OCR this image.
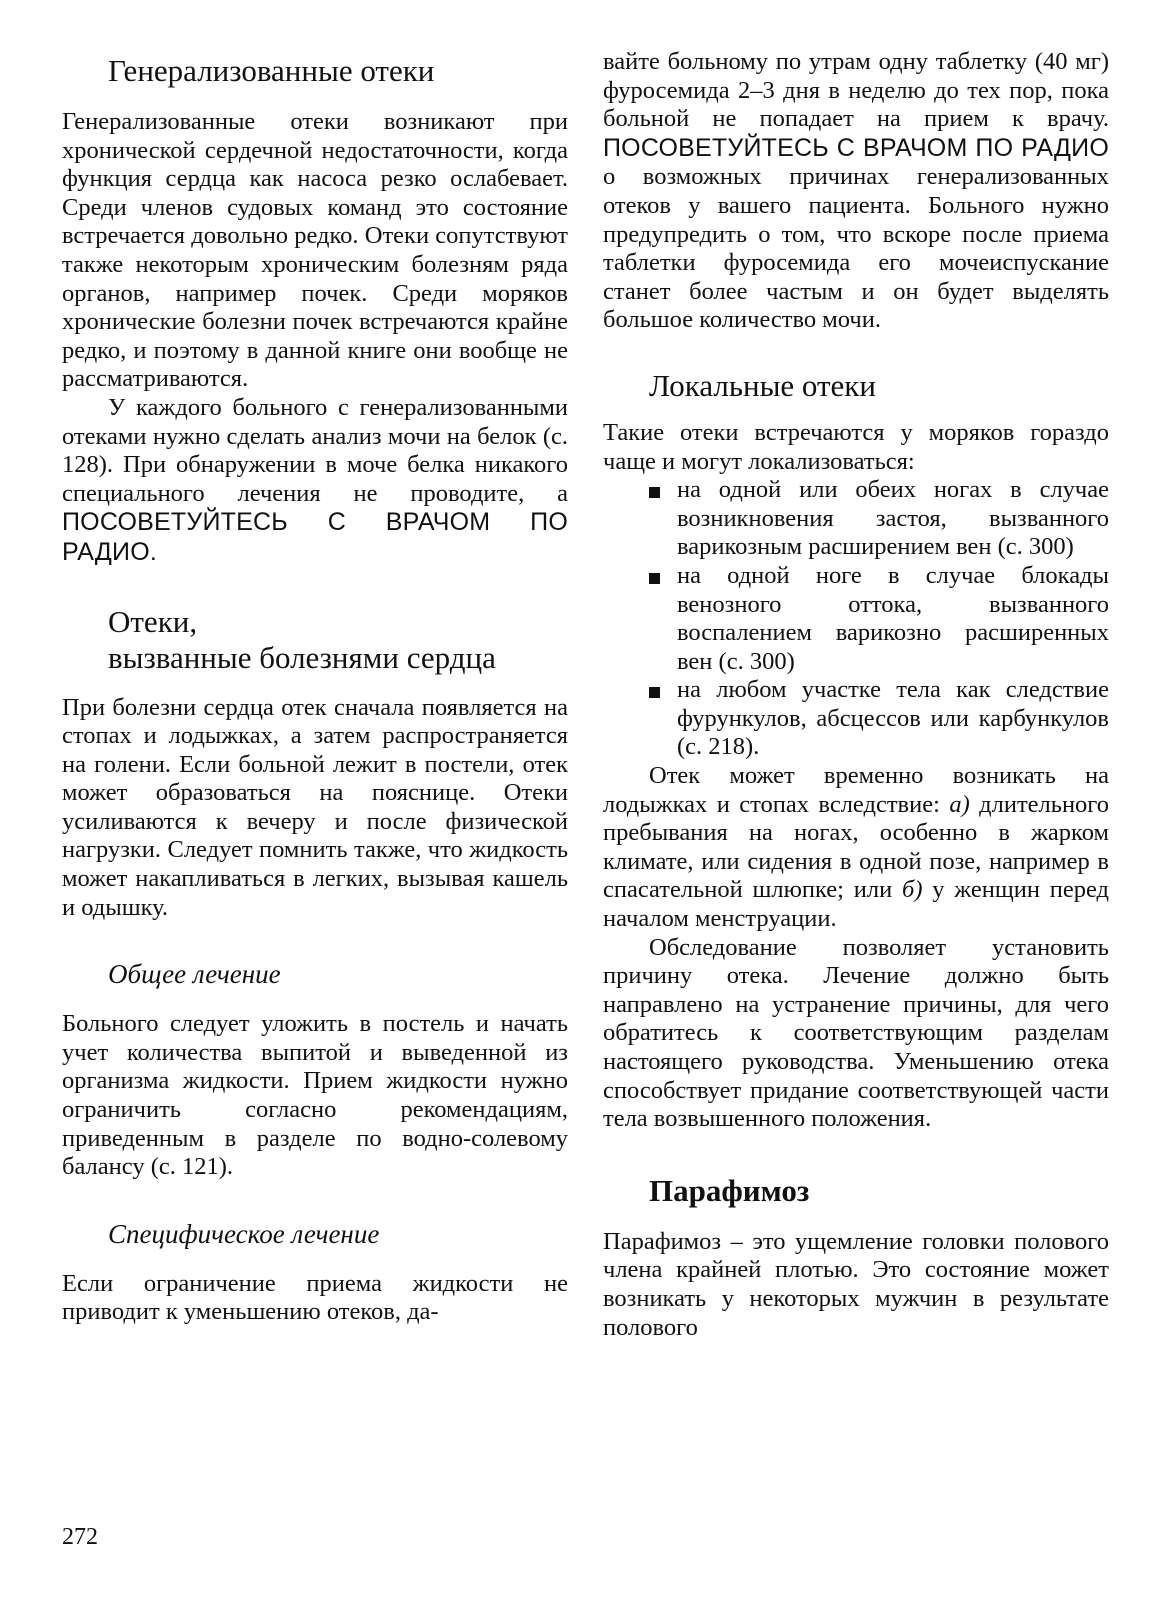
Генерализованные отеки

Генерализованные отеки возникают при хронической сердечной недостаточности, когда функция сердца как насоса резко ослабевает. Среди членов судовых команд это состояние встречается довольно редко. Отеки сопутствуют также некоторым хроническим болезням ряда органов, например почек. Среди моряков хронические болезни почек встречаются крайне редко, и поэтому в данной книге они вообще не рассматриваются.

У каждого больного с генерализованными отеками нужно сделать анализ мочи на белок (с. 128). При обнаружении в моче белка никакого специального лечения не проводите, а ПОСОВЕТУЙТЕСЬ С ВРАЧОМ ПО РАДИО.

Отеки,
вызванные болезнями сердца

При болезни сердца отек сначала появляется на стопах и лодыжках, а затем распространяется на голени. Если больной лежит в постели, отек может образоваться на пояснице. Отеки усиливаются к вечеру и после физической нагрузки. Следует помнить также, что жидкость может накапливаться в легких, вызывая кашель и одышку.

Общее лечение

Больного следует уложить в постель и начать учет количества выпитой и выведенной из организма жидкости. Прием жидкости нужно ограничить согласно рекомендациям, приведенным в разделе по водно-солевому балансу (с. 121).

Специфическое лечение

Если ограничение приема жидкости не приводит к уменьшению отеков, да-

вайте больному по утрам одну таблетку (40 мг) фуросемида 2–3 дня в неделю до тех пор, пока больной не попадает на прием к врачу. ПОСОВЕТУЙТЕСЬ С ВРАЧОМ ПО РАДИО о возможных причинах генерализованных отеков у вашего пациента. Больного нужно предупредить о том, что вскоре после приема таблетки фуросемида его мочеиспускание станет более частым и он будет выделять большое количество мочи.

Локальные отеки

Такие отеки встречаются у моряков гораздо чаще и могут локализоваться:

на одной или обеих ногах в случае возникновения застоя, вызванного варикозным расширением вен (с. 300)
на одной ноге в случае блокады венозного оттока, вызванного воспалением варикозно расширенных вен (с. 300)
на любом участке тела как следствие фурункулов, абсцессов или карбункулов (с. 218).

Отек может временно возникать на лодыжках и стопах вследствие: а) длительного пребывания на ногах, особенно в жарком климате, или сидения в одной позе, например в спасательной шлюпке; или б) у женщин перед началом менструации.

Обследование позволяет установить причину отека. Лечение должно быть направлено на устранение причины, для чего обратитесь к соответствующим разделам настоящего руководства. Уменьшению отека способствует придание соответствующей части тела возвышенного положения.

Парафимоз

Парафимоз – это ущемление головки полового члена крайней плотью. Это состояние может возникать у некоторых мужчин в результате полового

272
